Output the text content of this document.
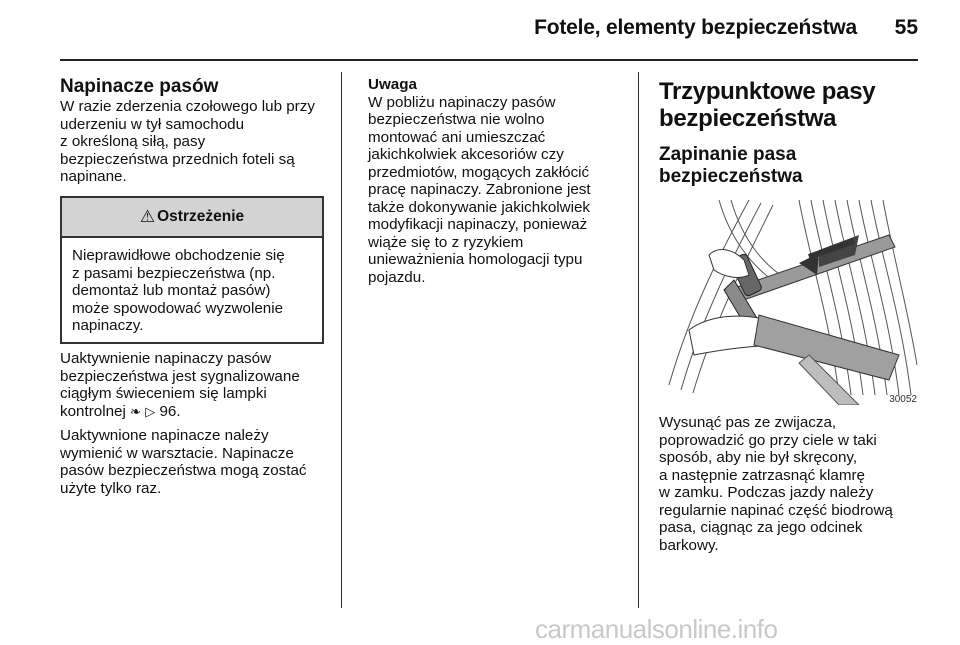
Fotele, elementy bezpieczeństwa 55

Napinacze pasów

W razie zderzenia czołowego lub przy

uderzeniu w tył samochodu

z określoną siłą, pasy

bezpieczeństwa przednich foteli są

napinane.

⚠ Ostrzeżenie
Nieprawidłowe obchodzenie się
z pasami bezpieczeństwa (np.
demontaż lub montaż pasów)
może spowodować wyzwolenie
napinaczy.

Uaktywnienie napinaczy pasów

bezpieczeństwa jest sygnalizowane

ciągłym świeceniem się lampki

kontrolnej ❧ ▷ 96.

Uaktywnione napinacze należy

wymienić w warsztacie. Napinacze

pasów bezpieczeństwa mogą zostać

użyte tylko raz.

Uwaga

W pobliżu napinaczy pasów

bezpieczeństwa nie wolno

montować ani umieszczać

jakichkolwiek akcesoriów czy

przedmiotów, mogących zakłócić

pracę napinaczy. Zabronione jest

także dokonywanie jakichkolwiek

modyfikacji napinaczy, ponieważ

wiąże się to z ryzykiem

unieważnienia homologacji typu

pojazdu.

Trzypunktowe pasy
bezpieczeństwa
Zapinanie pasa
bezpieczeństwa
30052

Wysunąć pas ze zwijacza,

poprowadzić go przy ciele w taki

sposób, aby nie był skręcony,

a następnie zatrzasnąć klamrę

w zamku. Podczas jazdy należy

regularnie napinać część biodrową

pasa, ciągnąc za jego odcinek

barkowy.

carmanualsonline.info
